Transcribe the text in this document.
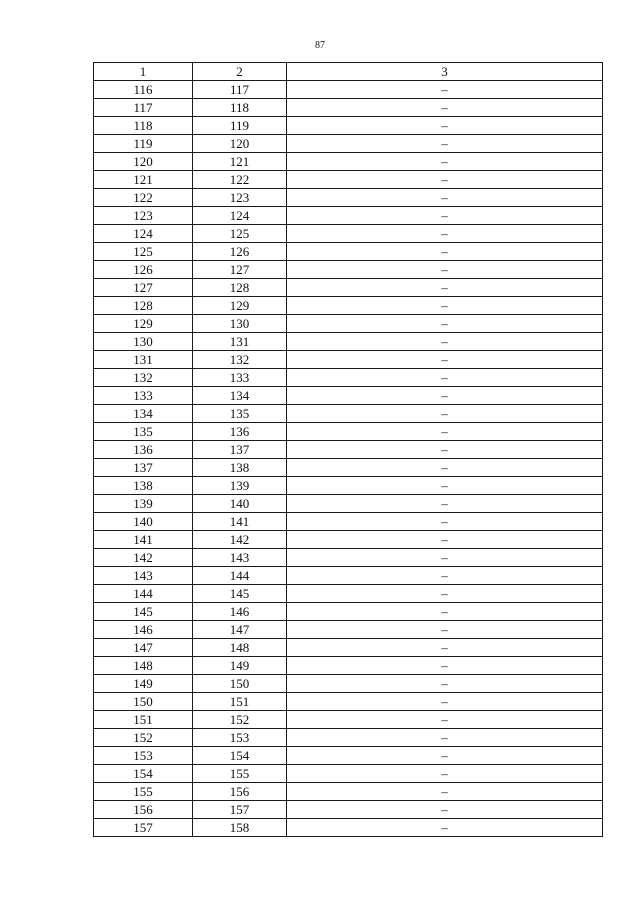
87
1	2	3
116	117	–
117	118	–
118	119	–
119	120	–
120	121	–
121	122	–
122	123	–
123	124	–
124	125	–
125	126	–
126	127	–
127	128	–
128	129	–
129	130	–
130	131	–
131	132	–
132	133	–
133	134	–
134	135	–
135	136	–
136	137	–
137	138	–
138	139	–
139	140	–
140	141	–
141	142	–
142	143	–
143	144	–
144	145	–
145	146	–
146	147	–
147	148	–
148	149	–
149	150	–
150	151	–
151	152	–
152	153	–
153	154	–
154	155	–
155	156	–
156	157	–
157	158	–
